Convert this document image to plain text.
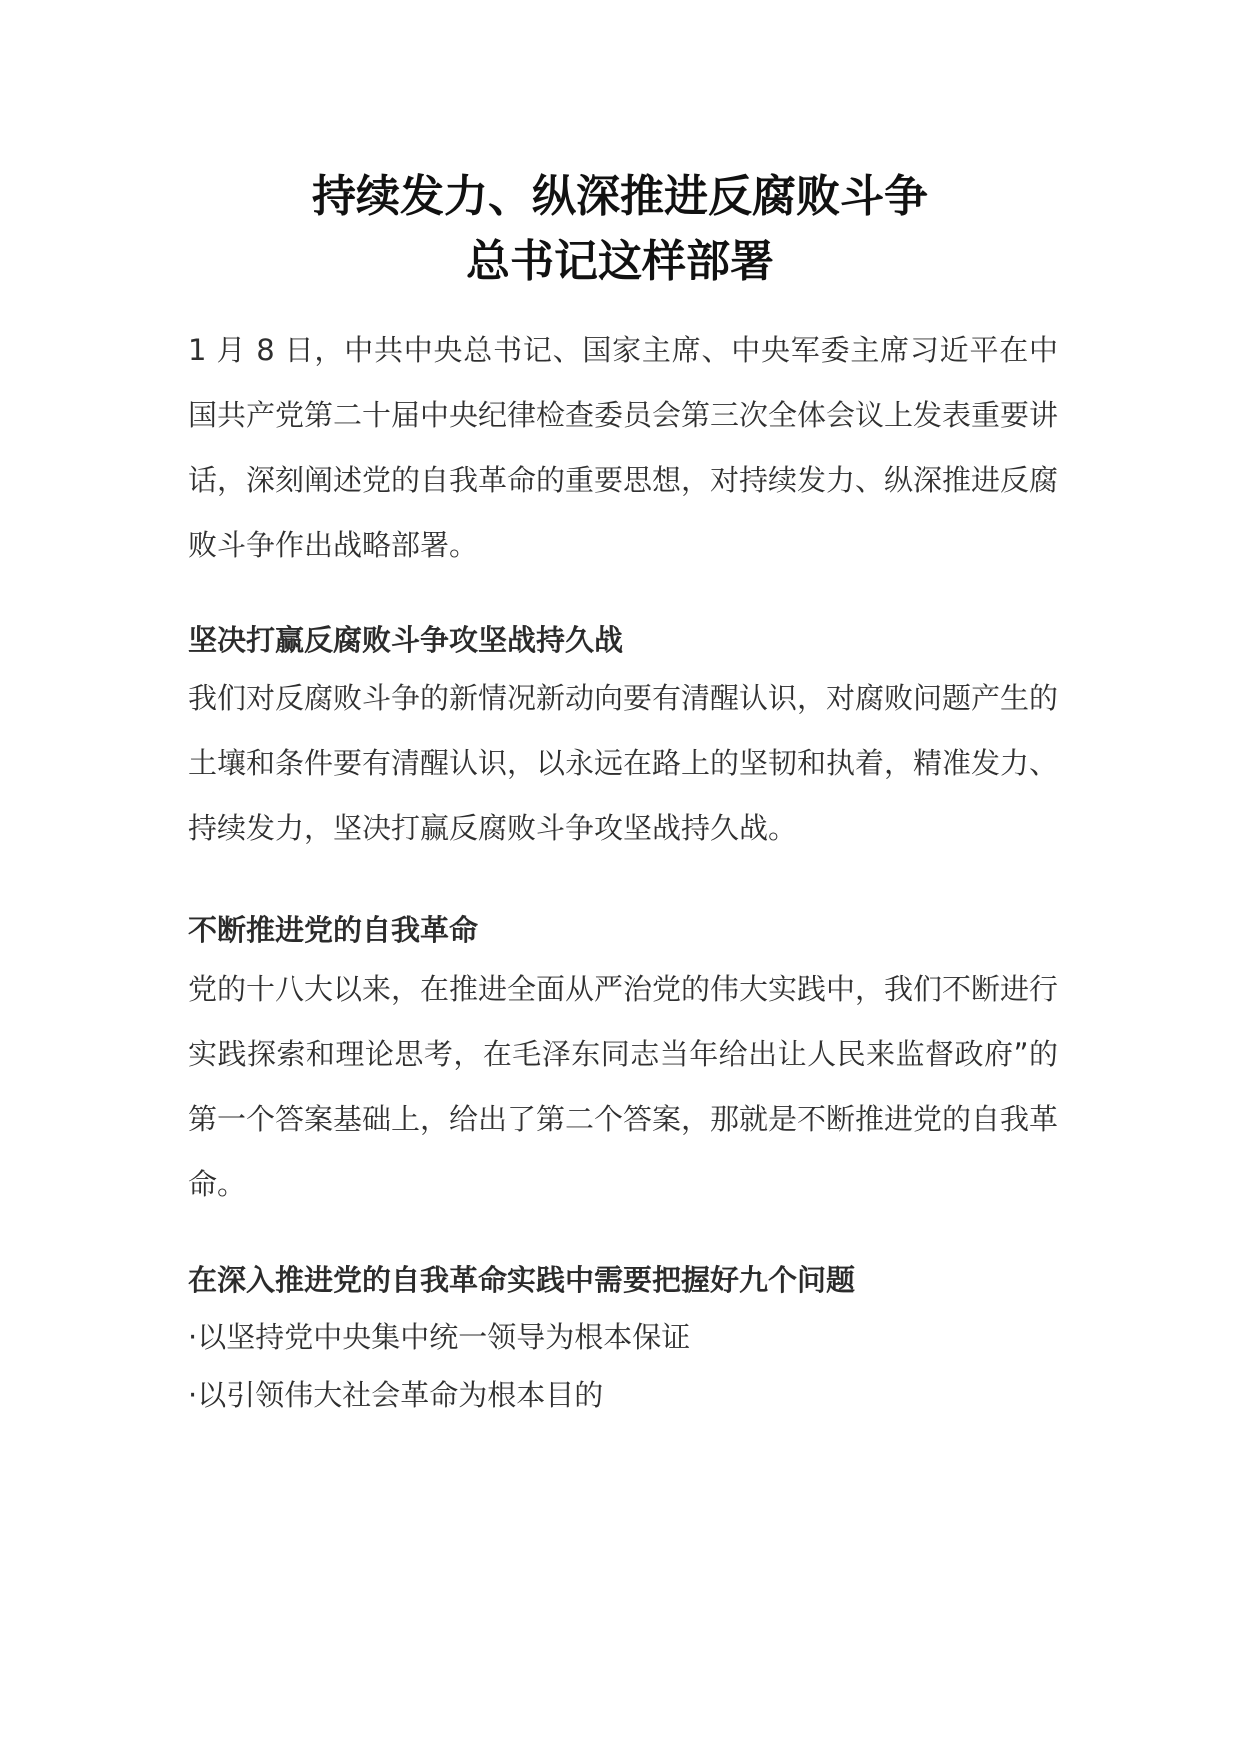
持续发力、纵深推进反腐败斗争
总书记这样部署

1 月 8 日，中共中央总书记、国家主席、中央军委主席习近平在中国共产党第二十届中央纪律检查委员会第三次全体会议上发表重要讲话，深刻阐述党的自我革命的重要思想，对持续发力、纵深推进反腐败斗争作出战略部署。

坚决打赢反腐败斗争攻坚战持久战

我们对反腐败斗争的新情况新动向要有清醒认识，对腐败问题产生的土壤和条件要有清醒认识，以永远在路上的坚韧和执着，精准发力、持续发力，坚决打赢反腐败斗争攻坚战持久战。

不断推进党的自我革命

党的十八大以来，在推进全面从严治党的伟大实践中，我们不断进行实践探索和理论思考，在毛泽东同志当年给出让人民来监督政府”的第一个答案基础上，给出了第二个答案，那就是不断推进党的自我革命。

在深入推进党的自我革命实践中需要把握好九个问题

·以坚持党中央集中统一领导为根本保证

·以引领伟大社会革命为根本目的
